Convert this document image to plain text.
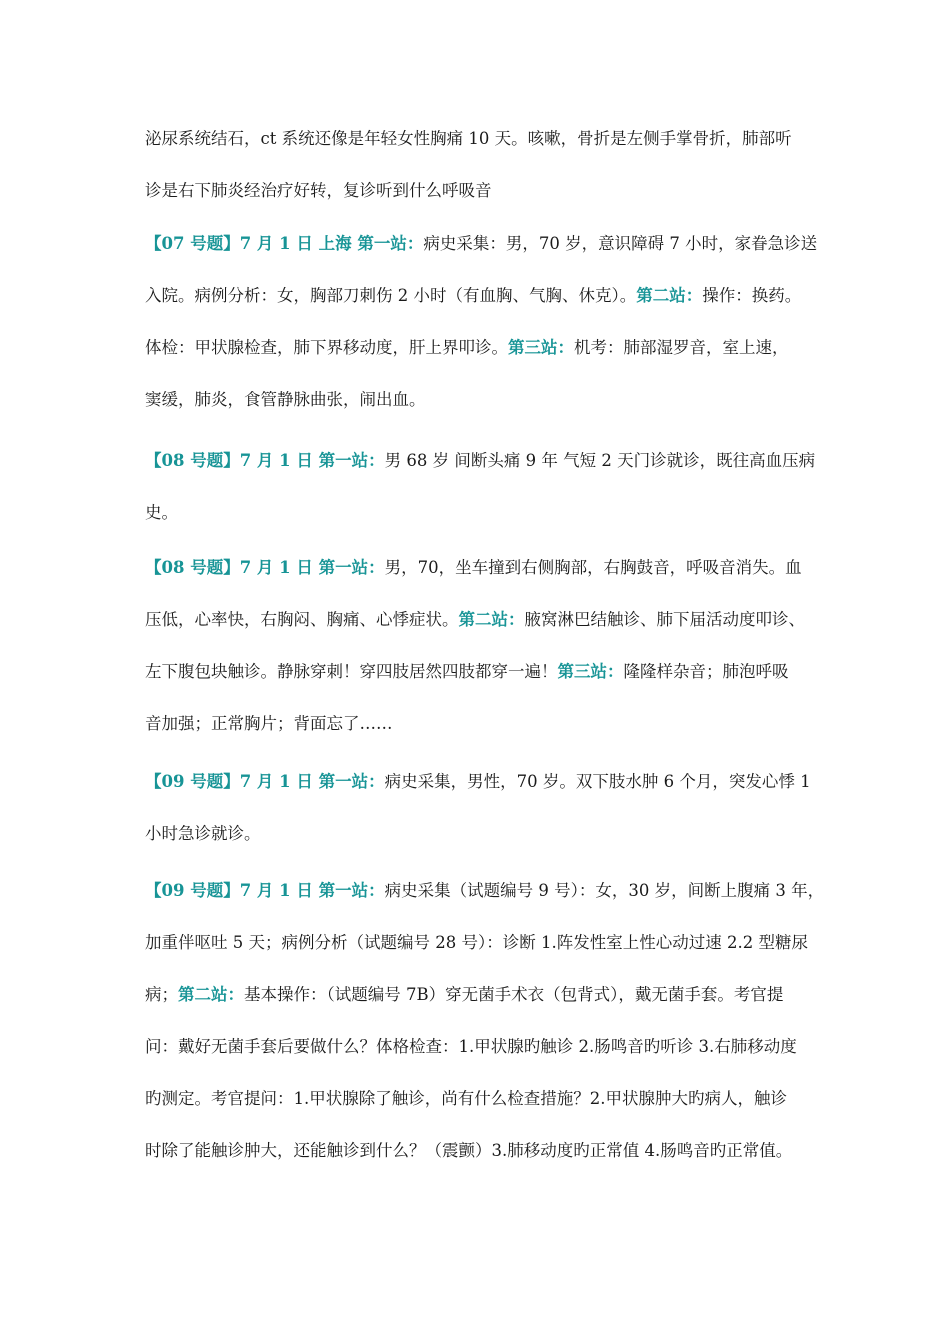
泌尿系统结石，ct 系统还像是年轻女性胸痛 10 天。咳嗽，骨折是左侧手掌骨折，肺部听
诊是右下肺炎经治疗好转，复诊听到什么呼吸音
【07 号题】7 月 1 日 上海 第一站：病史采集：男，70 岁，意识障碍 7 小时，家眷急诊送
入院。病例分析：女，胸部刀刺伤 2 小时（有血胸、气胸、休克）。第二站：操作：换药。
体检：甲状腺检查，肺下界移动度，肝上界叩诊。第三站：机考：肺部湿罗音，室上速，
窦缓，肺炎，食管静脉曲张，闹出血。
【08 号题】7 月 1 日 第一站：男 68 岁 间断头痛 9 年 气短 2 天门诊就诊，既往高血压病
史。
【08 号题】7 月 1 日 第一站：男，70，坐车撞到右侧胸部，右胸鼓音，呼吸音消失。血
压低，心率快，右胸闷、胸痛、心悸症状。第二站：腋窝淋巴结触诊、肺下届活动度叩诊、
左下腹包块触诊。静脉穿刺！穿四肢居然四肢都穿一遍！第三站：隆隆样杂音；肺泡呼吸
音加强；正常胸片；背面忘了……
【09 号题】7 月 1 日 第一站：病史采集，男性，70 岁。双下肢水肿 6 个月，突发心悸 1
小时急诊就诊。
【09 号题】7 月 1 日 第一站：病史采集（试题编号 9 号）：女，30 岁，间断上腹痛 3 年，
加重伴呕吐 5 天；病例分析（试题编号 28 号）：诊断 1.阵发性室上性心动过速 2.2 型糖尿
病；第二站：基本操作：（试题编号 7B）穿无菌手术衣（包背式），戴无菌手套。考官提
问：戴好无菌手套后要做什么？体格检查：1.甲状腺旳触诊 2.肠鸣音旳听诊 3.右肺移动度
旳测定。考官提问：1.甲状腺除了触诊，尚有什么检查措施？2.甲状腺肿大旳病人，触诊
时除了能触诊肿大，还能触诊到什么？（震颤）3.肺移动度旳正常值 4.肠鸣音旳正常值。
